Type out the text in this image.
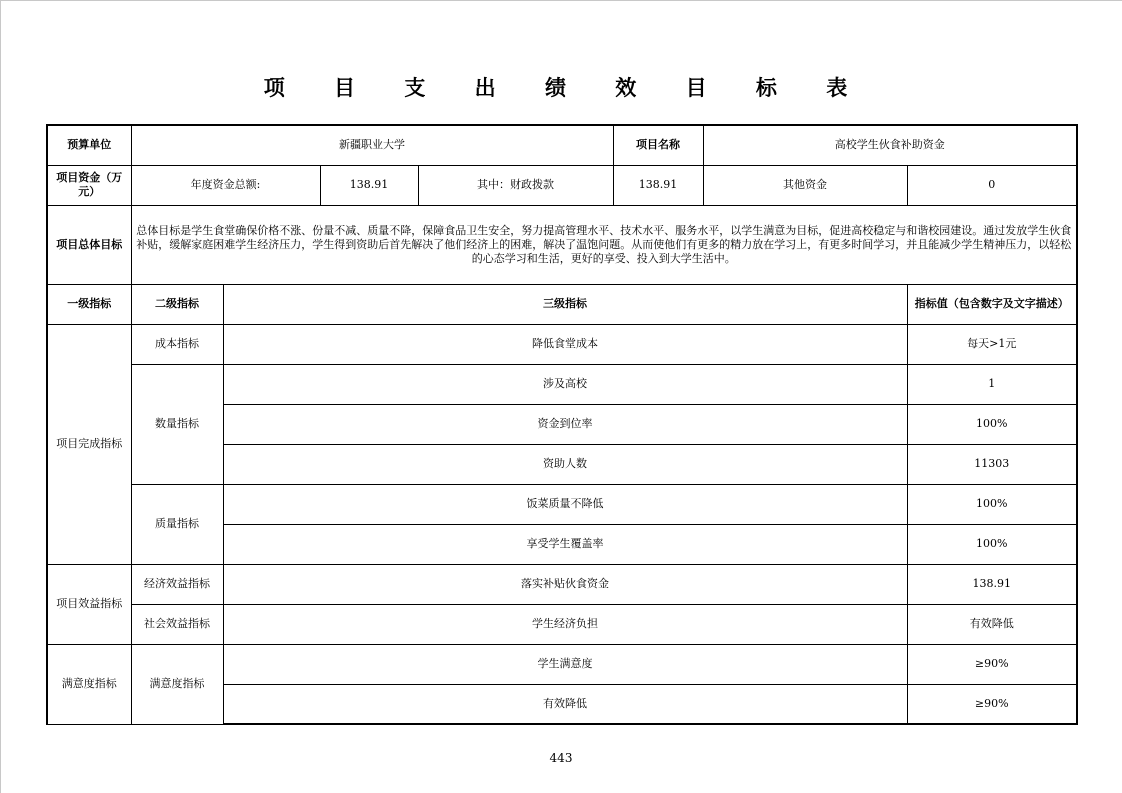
项 目 支 出 绩 效 目 标 表
预算单位	新疆职业大学				项目名称	高校学生伙食补助资金	
项目资金（万元）	年度资金总额:		138.91	其中：财政拨款	138.91	其他资金	0
项目总体目标	总体目标是学生食堂确保价格不涨、份量不减、质量不降，保障食品卫生安全，努力提高管理水平、技术水平、服务水平，以学生满意为目标，促进高校稳定与和谐校园建设。通过发放学生伙食补贴，缓解家庭困难学生经济压力，学生得到资助后首先解决了他们经济上的困难，解决了温饱问题。从而使他们有更多的精力放在学习上，有更多时间学习，并且能减少学生精神压力，以轻松的心态学习和生活，更好的享受、投入到大学生活中。						
一级指标	二级指标	三级指标					指标值（包含数字及文字描述）
项目完成指标	成本指标	降低食堂成本					每天>1元
	数量指标	涉及高校					1
		资金到位率					100%
		资助人数					11303
	质量指标	饭菜质量不降低					100%
		享受学生覆盖率					100%
项目效益指标	经济效益指标	落实补贴伙食资金					138.91
	社会效益指标	学生经济负担					有效降低
满意度指标	满意度指标	学生满意度					≥90%
		有效降低					≥90%
443
